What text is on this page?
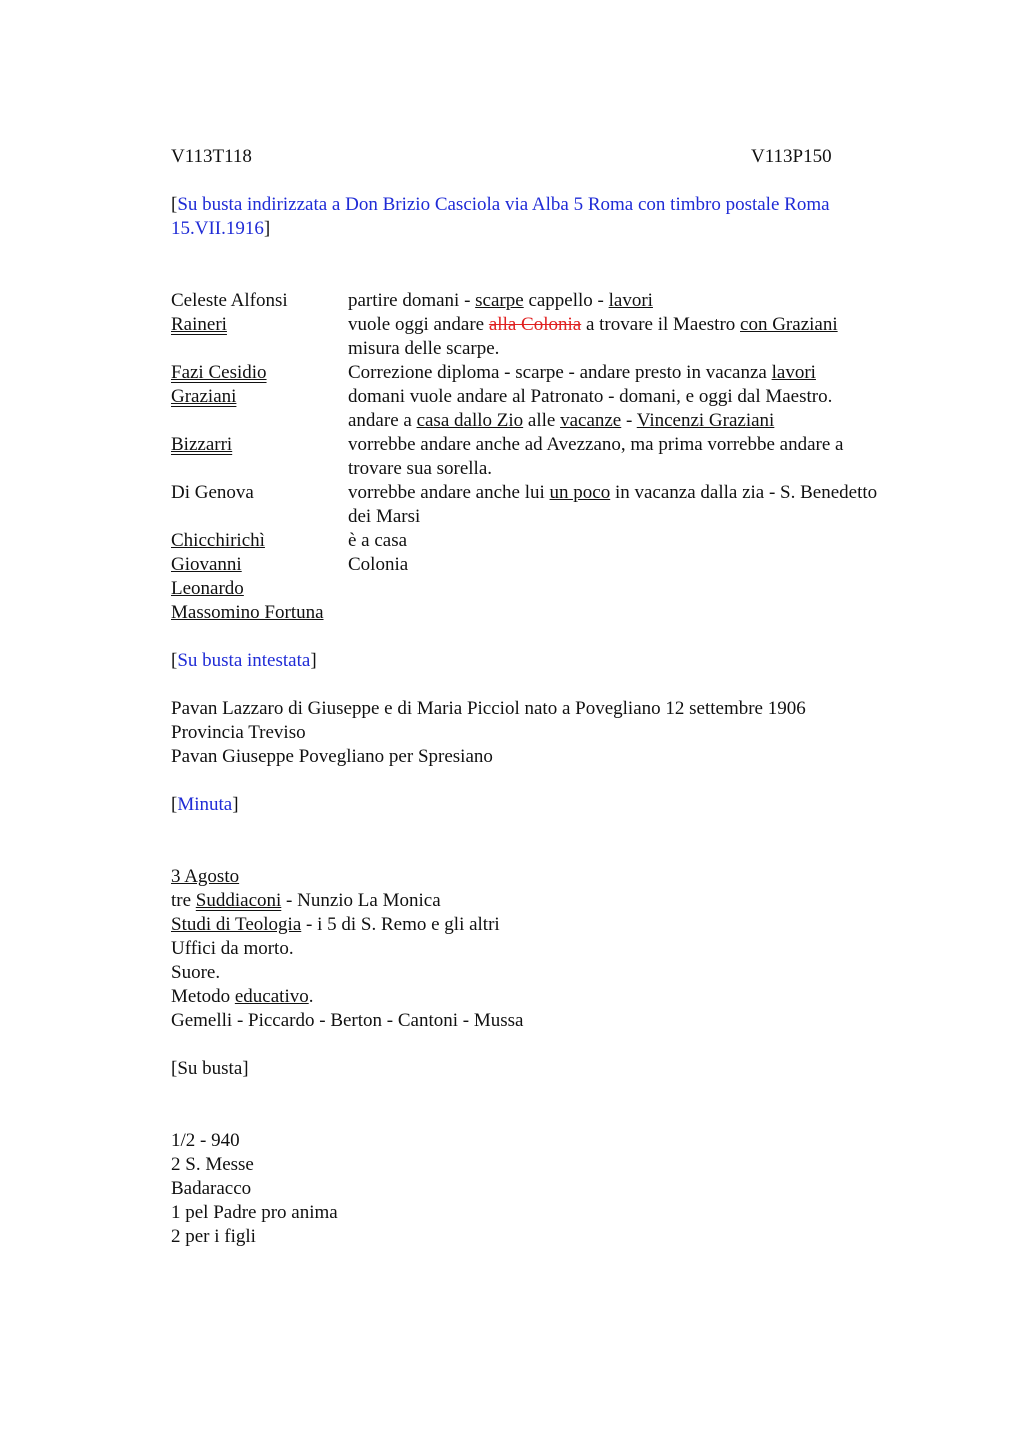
V113T118	V113P150
[Su busta indirizzata a Don Brizio Casciola via Alba 5 Roma con timbro postale Roma
15.VII.1916]
Celeste Alfonsi	partire domani - scarpe cappello - lavori
Raineri	vuole oggi andare alla Colonia a trovare il Maestro con Graziani
misura delle scarpe.
Fazi Cesidio	Correzione diploma - scarpe - andare presto in vacanza lavori
Graziani	domani vuole andare al Patronato - domani, e oggi dal Maestro.
andare a casa dallo Zio alle vacanze - Vincenzi Graziani
Bizzarri	vorrebbe andare anche ad Avezzano, ma prima vorrebbe andare a
trovare sua sorella.
Di Genova	vorrebbe andare anche lui un poco in vacanza dalla zia - S. Benedetto
dei Marsi
Chicchirichì	è a casa
Giovanni	Colonia
Leonardo
Massomino Fortuna
[Su busta intestata]
Pavan Lazzaro di Giuseppe e di Maria Picciol nato a Povegliano 12 settembre 1906
Provincia Treviso
Pavan Giuseppe Povegliano per Spresiano
[Minuta]
3 Agosto
tre Suddiaconi - Nunzio La Monica
Studi di Teologia - i 5 di S. Remo e gli altri
Uffici da morto.
Suore.
Metodo educativo.
Gemelli - Piccardo - Berton - Cantoni - Mussa
[Su busta]
1/2 - 940
2 S. Messe
Badaracco
1 pel Padre pro anima
2 per i figli
